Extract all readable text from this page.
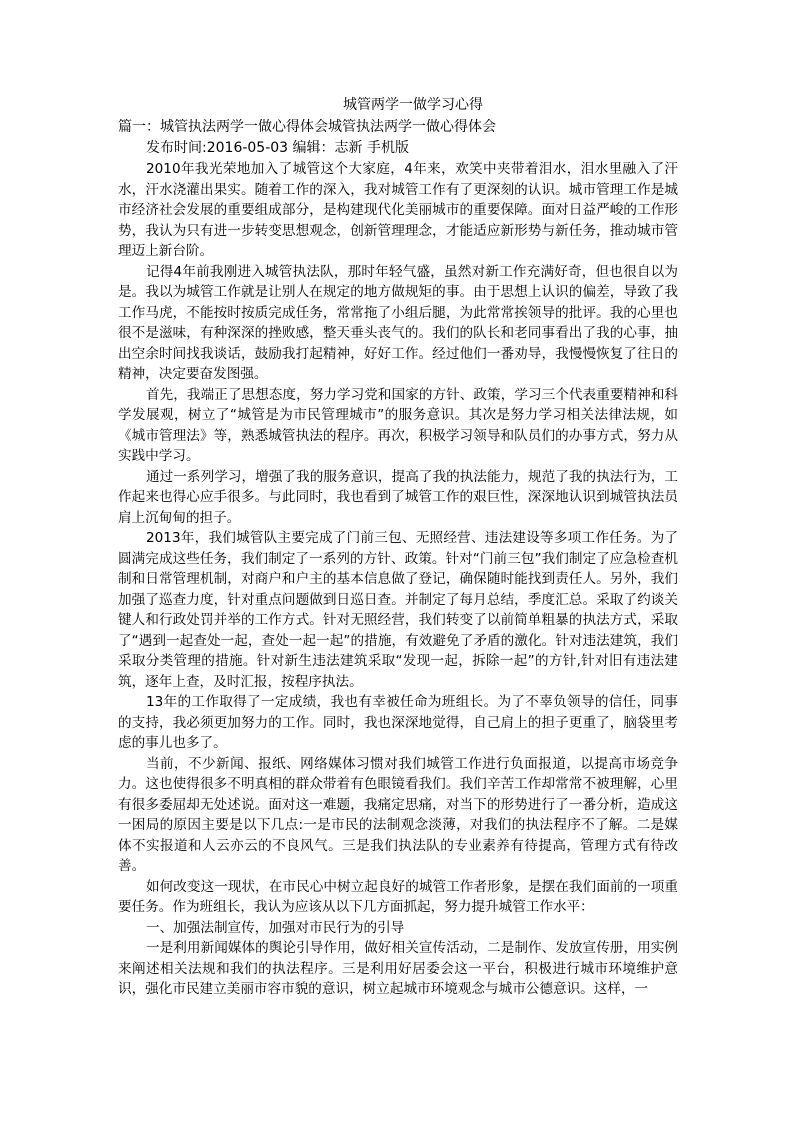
城管两学一做学习心得

篇一：城管执法两学一做心得体会城管执法两学一做心得体会

发布时间:2016-05-03 编辑：志新 手机版

2010年我光荣地加入了城管这个大家庭，4年来，欢笑中夹带着泪水，泪水里融入了汗水，汗水浇灌出果实。随着工作的深入，我对城管工作有了更深刻的认识。城市管理工作是城市经济社会发展的重要组成部分，是构建现代化美丽城市的重要保障。面对日益严峻的工作形势，我认为只有进一步转变思想观念，创新管理理念，才能适应新形势与新任务，推动城市管理迈上新台阶。

记得4年前我刚进入城管执法队，那时年轻气盛，虽然对新工作充满好奇，但也很自以为是。我以为城管工作就是让别人在规定的地方做规矩的事。由于思想上认识的偏差，导致了我工作马虎，不能按时按质完成任务，常常拖了小组后腿，为此常常挨领导的批评。我的心里也很不是滋味，有种深深的挫败感，整天垂头丧气的。我们的队长和老同事看出了我的心事，抽出空余时间找我谈话，鼓励我打起精神，好好工作。经过他们一番劝导，我慢慢恢复了往日的精神，决定要奋发图强。

首先，我端正了思想态度，努力学习党和国家的方针、政策，学习三个代表重要精神和科学发展观，树立了“城管是为市民管理城市”的服务意识。其次是努力学习相关法律法规，如《城市管理法》等，熟悉城管执法的程序。再次，积极学习领导和队员们的办事方式，努力从实践中学习。

通过一系列学习，增强了我的服务意识，提高了我的执法能力，规范了我的执法行为，工作起来也得心应手很多。与此同时，我也看到了城管工作的艰巨性，深深地认识到城管执法员肩上沉甸甸的担子。

2013年，我们城管队主要完成了门前三包、无照经营、违法建设等多项工作任务。为了圆满完成这些任务，我们制定了一系列的方针、政策。针对“门前三包”我们制定了应急检查机制和日常管理机制，对商户和户主的基本信息做了登记，确保随时能找到责任人。另外，我们加强了巡查力度，针对重点问题做到日巡日查。并制定了每月总结，季度汇总。采取了约谈关键人和行政处罚并举的工作方式。针对无照经营，我们转变了以前简单粗暴的执法方式，采取了“遇到一起查处一起，查处一起一起”的措施，有效避免了矛盾的激化。针对违法建筑，我们采取分类管理的措施。针对新生违法建筑采取“发现一起，拆除一起”的方针,针对旧有违法建筑，逐年上查，及时汇报，按程序执法。

13年的工作取得了一定成绩，我也有幸被任命为班组长。为了不辜负领导的信任，同事的支持，我必须更加努力的工作。同时，我也深深地觉得，自己肩上的担子更重了，脑袋里考虑的事儿也多了。

当前，不少新闻、报纸、网络媒体习惯对我们城管工作进行负面报道，以提高市场竞争力。这也使得很多不明真相的群众带着有色眼镜看我们。我们辛苦工作却常常不被理解，心里有很多委屈却无处述说。面对这一难题，我痛定思痛，对当下的形势进行了一番分析，造成这一困局的原因主要是以下几点:一是市民的法制观念淡薄，对我们的执法程序不了解。二是媒体不实报道和人云亦云的不良风气。三是我们执法队的专业素养有待提高，管理方式有待改善。

如何改变这一现状，在市民心中树立起良好的城管工作者形象，是摆在我们面前的一项重要任务。作为班组长，我认为应该从以下几方面抓起，努力提升城管工作水平：

一、加强法制宣传，加强对市民行为的引导

一是利用新闻媒体的舆论引导作用，做好相关宣传活动，二是制作、发放宣传册，用实例来阐述相关法规和我们的执法程序。三是利用好居委会这一平台，积极进行城市环境维护意识，强化市民建立美丽市容市貌的意识，树立起城市环境观念与城市公德意识。这样，一
